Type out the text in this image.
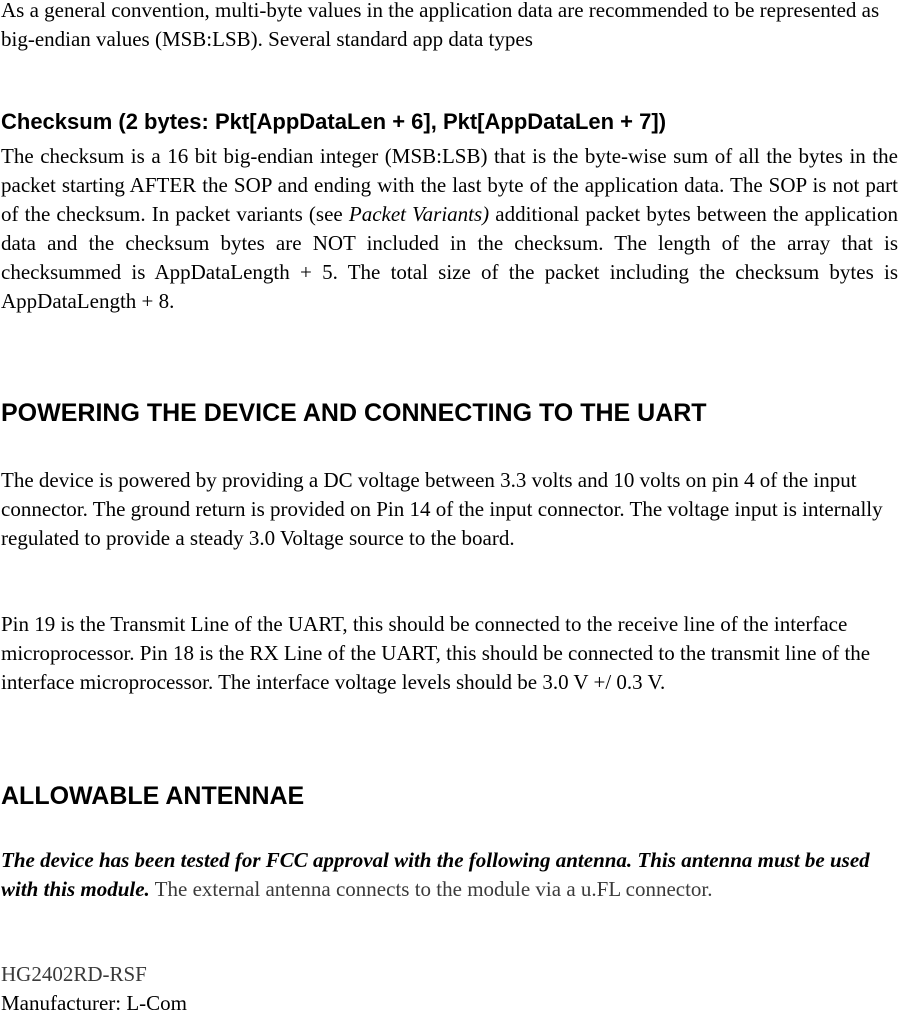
As a general convention, multi-byte values in the application data are recommended to be represented as big-endian values (MSB:LSB). Several standard app data types

Checksum (2 bytes: Pkt[AppDataLen + 6], Pkt[AppDataLen + 7])

The checksum is a 16 bit big-endian integer (MSB:LSB) that is the byte-wise sum of all the bytes in the packet starting AFTER the SOP and ending with the last byte of the application data. The SOP is not part of the checksum. In packet variants (see Packet Variants) additional packet bytes between the application data and the checksum bytes are NOT included in the checksum. The length of the array that is checksummed is AppDataLength + 5. The total size of the packet including the checksum bytes is AppDataLength + 8.

POWERING THE DEVICE AND CONNECTING TO THE UART

The device is powered by providing a DC voltage between 3.3 volts and 10 volts on pin 4 of the input connector. The ground return is provided on Pin 14 of the input connector. The voltage input is internally regulated to provide a steady 3.0 Voltage source to the board.

Pin 19 is the Transmit Line of the UART, this should be connected to the receive line of the interface microprocessor. Pin 18 is the RX Line of the UART, this should be connected to the transmit line of the interface microprocessor. The interface voltage levels should be 3.0 V +/ 0.3 V.

ALLOWABLE ANTENNAE

The device has been tested for FCC approval with the following antenna. This antenna must be used with this module. The external antenna connects to the module via a u.FL connector.

HG2402RD-RSF
Manufacturer: L-Com
